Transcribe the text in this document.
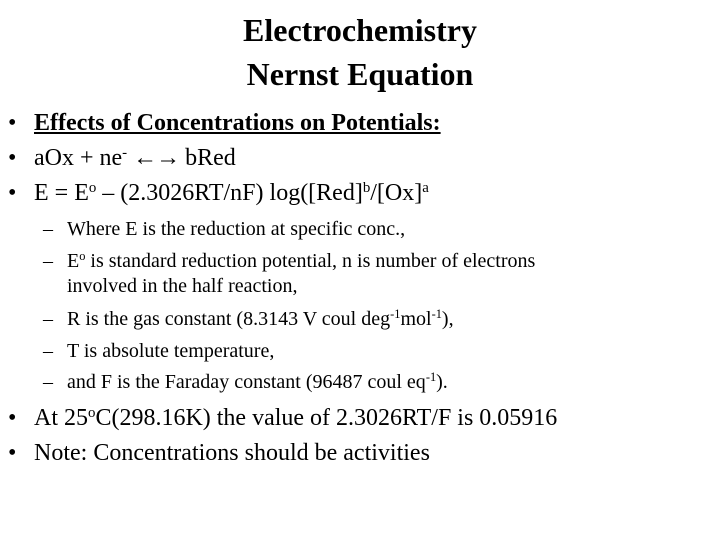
Electrochemistry
Nernst Equation
• Effects of Concentrations on Potentials:
• aOx + ne- ←→ bRed
• $E = E^o - (2.3026RT/nF)$ $\log([Red]^b/[Ox]^a$
– Where E is the reduction at specific conc.,
– $E^o$ is standard reduction potential, n is number of electrons
involved in the half reaction,
– R is the gas constant (8.3143 V coul deg$^{-1}$mol$^{-1}$),
– T is absolute temperature,
– and F is the Faraday constant (96487 coul $eq^{-1}$).
• At 25$^o$C(298.16K) the value of 2.3026RT/F is 0.05916
• Note: Concentrations should be activities
